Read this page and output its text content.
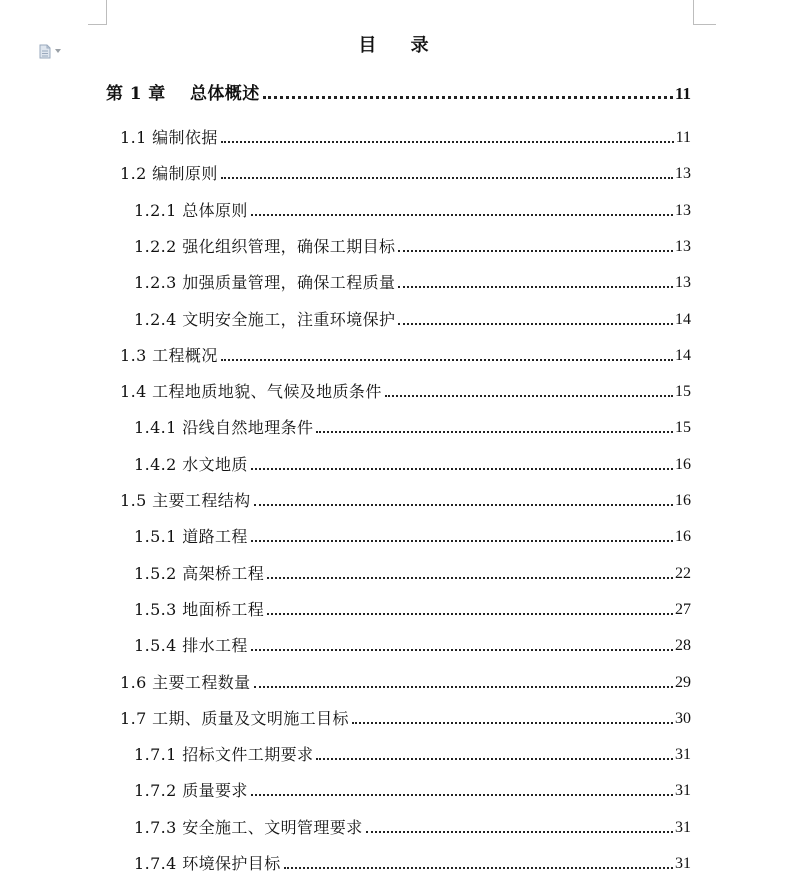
目 录
第 1 章 总体概述	11
1.1 编制依据	11
1.2 编制原则	13
1.2.1 总体原则	13
1.2.2 强化组织管理，确保工期目标	13
1.2.3 加强质量管理，确保工程质量	13
1.2.4 文明安全施工，注重环境保护	14
1.3 工程概况	14
1.4 工程地质地貌、气候及地质条件	15
1.4.1 沿线自然地理条件	15
1.4.2 水文地质	16
1.5 主要工程结构	16
1.5.1 道路工程	16
1.5.2 高架桥工程	22
1.5.3 地面桥工程	27
1.5.4 排水工程	28
1.6 主要工程数量	29
1.7 工期、质量及文明施工目标	30
1.7.1 招标文件工期要求	31
1.7.2 质量要求	31
1.7.3 安全施工、文明管理要求	31
1.7.4 环境保护目标	31
